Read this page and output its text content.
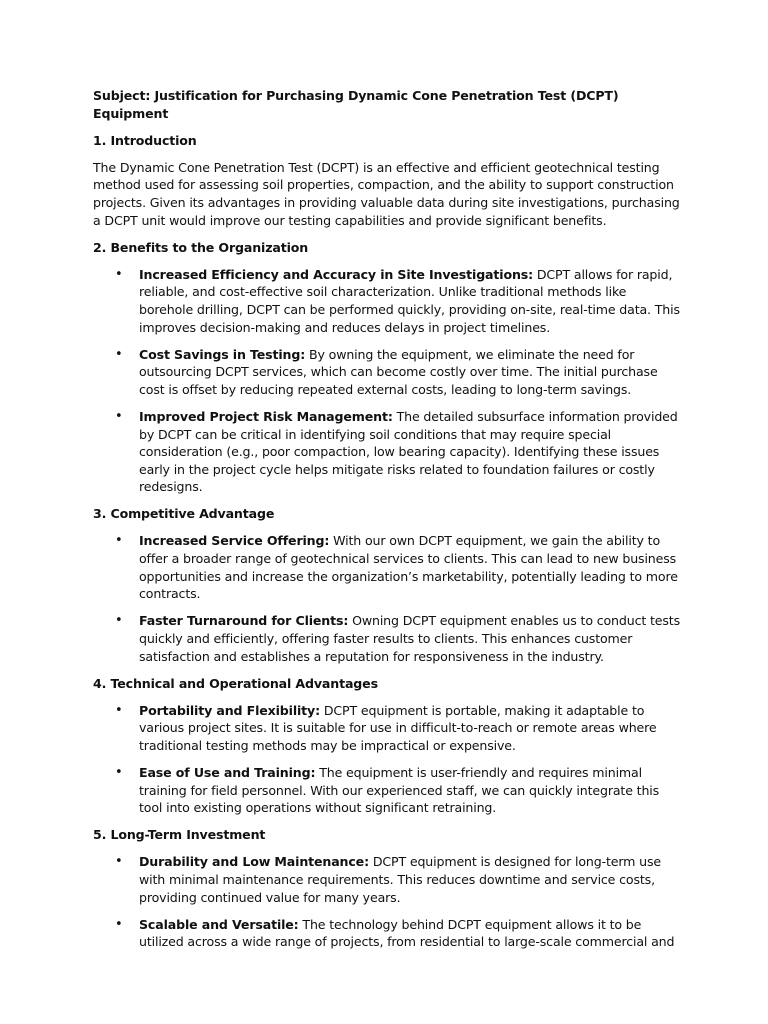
Subject: Justification for Purchasing Dynamic Cone Penetration Test (DCPT) Equipment

1. Introduction

The Dynamic Cone Penetration Test (DCPT) is an effective and efficient geotechnical testing method used for assessing soil properties, compaction, and the ability to support construction projects. Given its advantages in providing valuable data during site investigations, purchasing a DCPT unit would improve our testing capabilities and provide significant benefits.

2. Benefits to the Organization

• Increased Efficiency and Accuracy in Site Investigations: DCPT allows for rapid, reliable, and cost-effective soil characterization. Unlike traditional methods like borehole drilling, DCPT can be performed quickly, providing on-site, real-time data. This improves decision-making and reduces delays in project timelines.
• Cost Savings in Testing: By owning the equipment, we eliminate the need for outsourcing DCPT services, which can become costly over time. The initial purchase cost is offset by reducing repeated external costs, leading to long-term savings.
• Improved Project Risk Management: The detailed subsurface information provided by DCPT can be critical in identifying soil conditions that may require special consideration (e.g., poor compaction, low bearing capacity). Identifying these issues early in the project cycle helps mitigate risks related to foundation failures or costly redesigns.

3. Competitive Advantage

• Increased Service Offering: With our own DCPT equipment, we gain the ability to offer a broader range of geotechnical services to clients. This can lead to new business opportunities and increase the organization’s marketability, potentially leading to more contracts.
• Faster Turnaround for Clients: Owning DCPT equipment enables us to conduct tests quickly and efficiently, offering faster results to clients. This enhances customer satisfaction and establishes a reputation for responsiveness in the industry.

4. Technical and Operational Advantages

• Portability and Flexibility: DCPT equipment is portable, making it adaptable to various project sites. It is suitable for use in difficult-to-reach or remote areas where traditional testing methods may be impractical or expensive.
• Ease of Use and Training: The equipment is user-friendly and requires minimal training for field personnel. With our experienced staff, we can quickly integrate this tool into existing operations without significant retraining.

5. Long-Term Investment

• Durability and Low Maintenance: DCPT equipment is designed for long-term use with minimal maintenance requirements. This reduces downtime and service costs, providing continued value for many years.
• Scalable and Versatile: The technology behind DCPT equipment allows it to be utilized across a wide range of projects, from residential to large-scale commercial and
